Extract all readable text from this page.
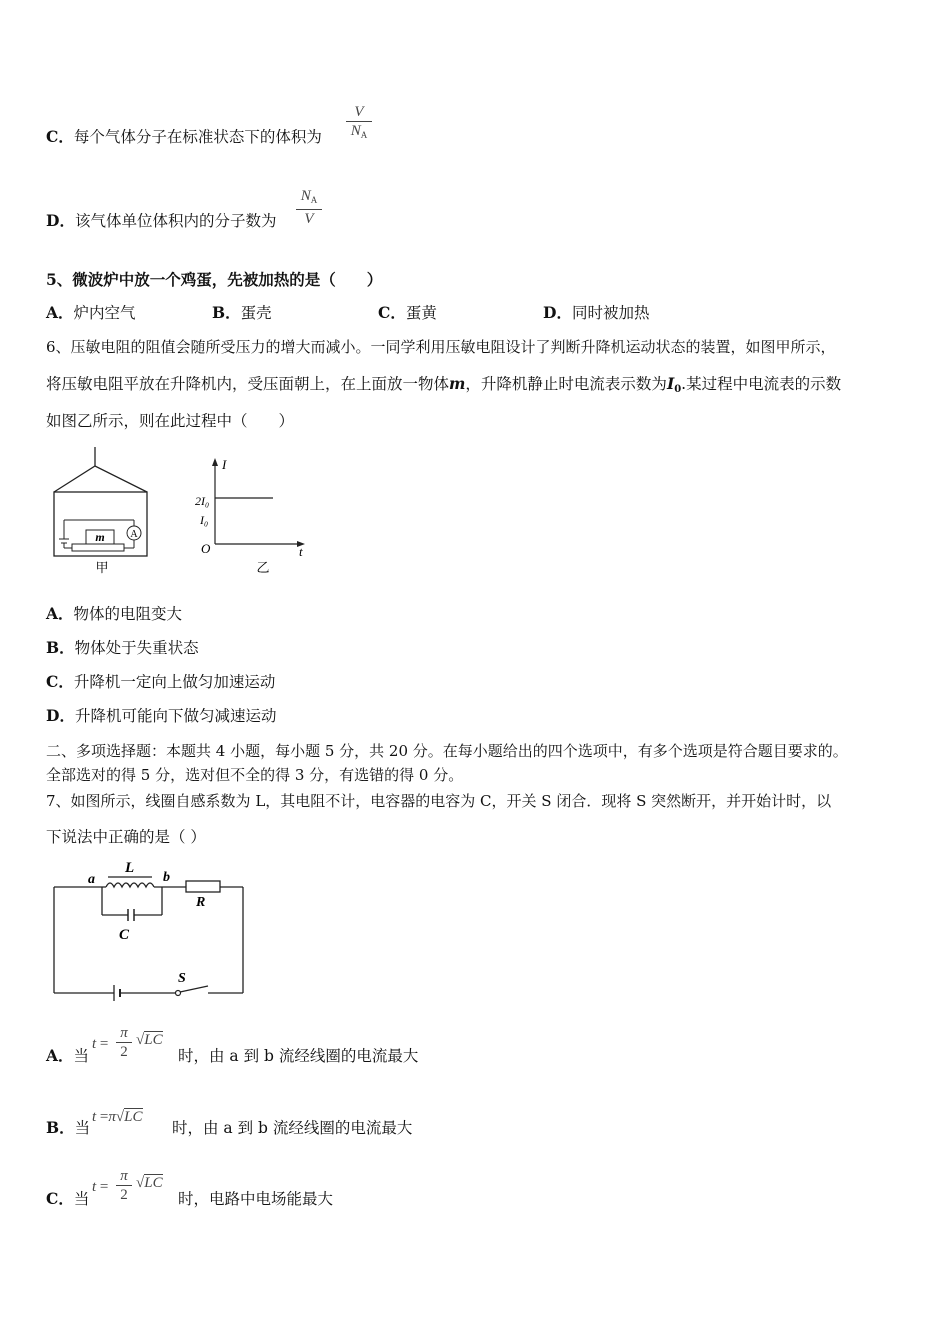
C．每个气体分子在标准状态下的体积为
V
$N_A$
D．该气体单位体积内的分子数为
$N_A$
V
5、微波炉中放一个鸡蛋，先被加热的是（　　）
A．炉内空气	B．蛋壳	C．蛋黄	D．同时被加热
6、压敏电阻的阻值会随所受压力的增大而减小。一同学利用压敏电阻设计了判断升降机运动状态的装置，如图甲所示，
将压敏电阻平放在升降机内，受压面朝上，在上面放一物体m，升降机静止时电流表示数为$I_0$.某过程中电流表的示数
如图乙所示，则在此过程中（　　）
A
m
甲
I
t
O
2I₀
I₀
乙
A．物体的电阻变大
B．物体处于失重状态
C．升降机一定向上做匀加速运动
D．升降机可能向下做匀减速运动
二、多项选择题：本题共 4 小题，每小题 5 分，共 20 分。在每小题给出的四个选项中，有多个选项是符合题目要求的。
全部选对的得 5 分，选对但不全的得 3 分，有选错的得 0 分。
7、如图所示，线圈自感系数为 L，其电阻不计，电容器的电容为 C，开关 S 闭合．现将 S 突然断开，并开始计时，以
下说法中正确的是（ ）
S
a
L
b
R
C
A．当
t =
π
2
√LC
时，由 a 到 b 流经线圈的电流最大
B．当
t =π√LC
时，由 a 到 b 流经线圈的电流最大
C．当
t =
π
2
√LC
时，电路中电场能最大
